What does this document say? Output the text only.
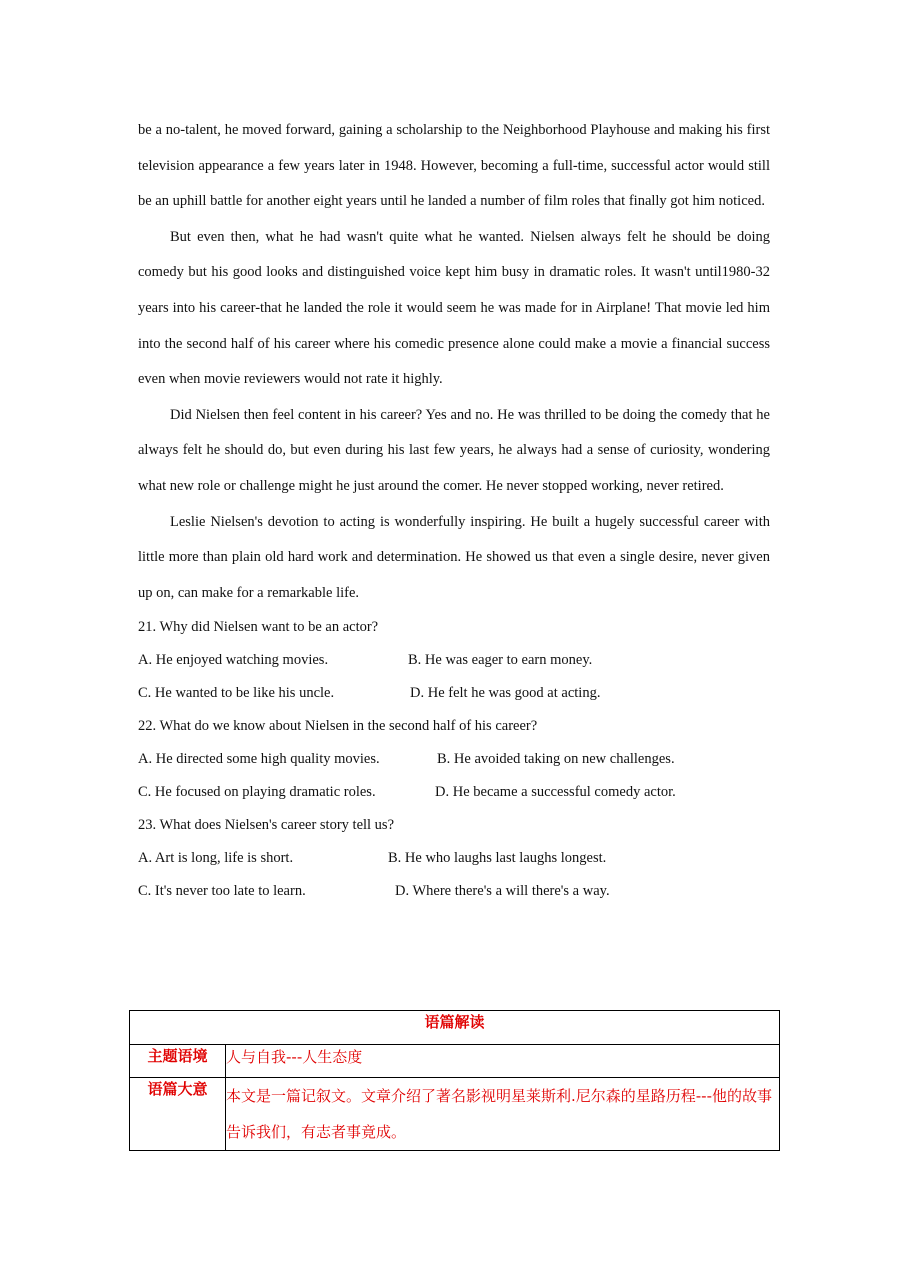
be a no-talent, he moved forward, gaining a scholarship to the Neighborhood Playhouse and making his first television appearance a few years later in 1948. However, becoming a full-time, successful actor would still be an uphill battle for another eight years until he landed a number of film roles that finally got him noticed.

But even then, what he had wasn't quite what he wanted. Nielsen always felt he should be doing comedy but his good looks and distinguished voice kept him busy in dramatic roles. It wasn't until1980-32 years into his career-that he landed the role it would seem he was made for in Airplane! That movie led him into the second half of his career where his comedic presence alone could make a movie a financial success even when movie reviewers would not rate it highly.

Did Nielsen then feel content in his career? Yes and no. He was thrilled to be doing the comedy that he always felt he should do, but even during his last few years, he always had a sense of curiosity, wondering what new role or challenge might he just around the comer. He never stopped working, never retired.

Leslie Nielsen's devotion to acting is wonderfully inspiring. He built a hugely successful career with little more than plain old hard work and determination. He showed us that even a single desire, never given up on, can make for a remarkable life.

21. Why did Nielsen want to be an actor?

A. He enjoyed watching movies.	B. He was eager to earn money.
C. He wanted to be like his uncle.	D. He felt he was good at acting.

22. What do we know about Nielsen in the second half of his career?

A. He directed some high quality movies.	B. He avoided taking on new challenges.
C. He focused on playing dramatic roles.	D. He became a successful comedy actor.

23. What does Nielsen's career story tell us?

A. Art is long, life is short.	B. He who laughs last laughs longest.
C. It's never too late to learn.	D. Where there's a will there's a way.
语篇解读	
主题语境	人与自我---人生态度
语篇大意	本文是一篇记叙文。文章介绍了著名影视明星莱斯利.尼尔森的星路历程---他的故事告诉我们，有志者事竟成。
